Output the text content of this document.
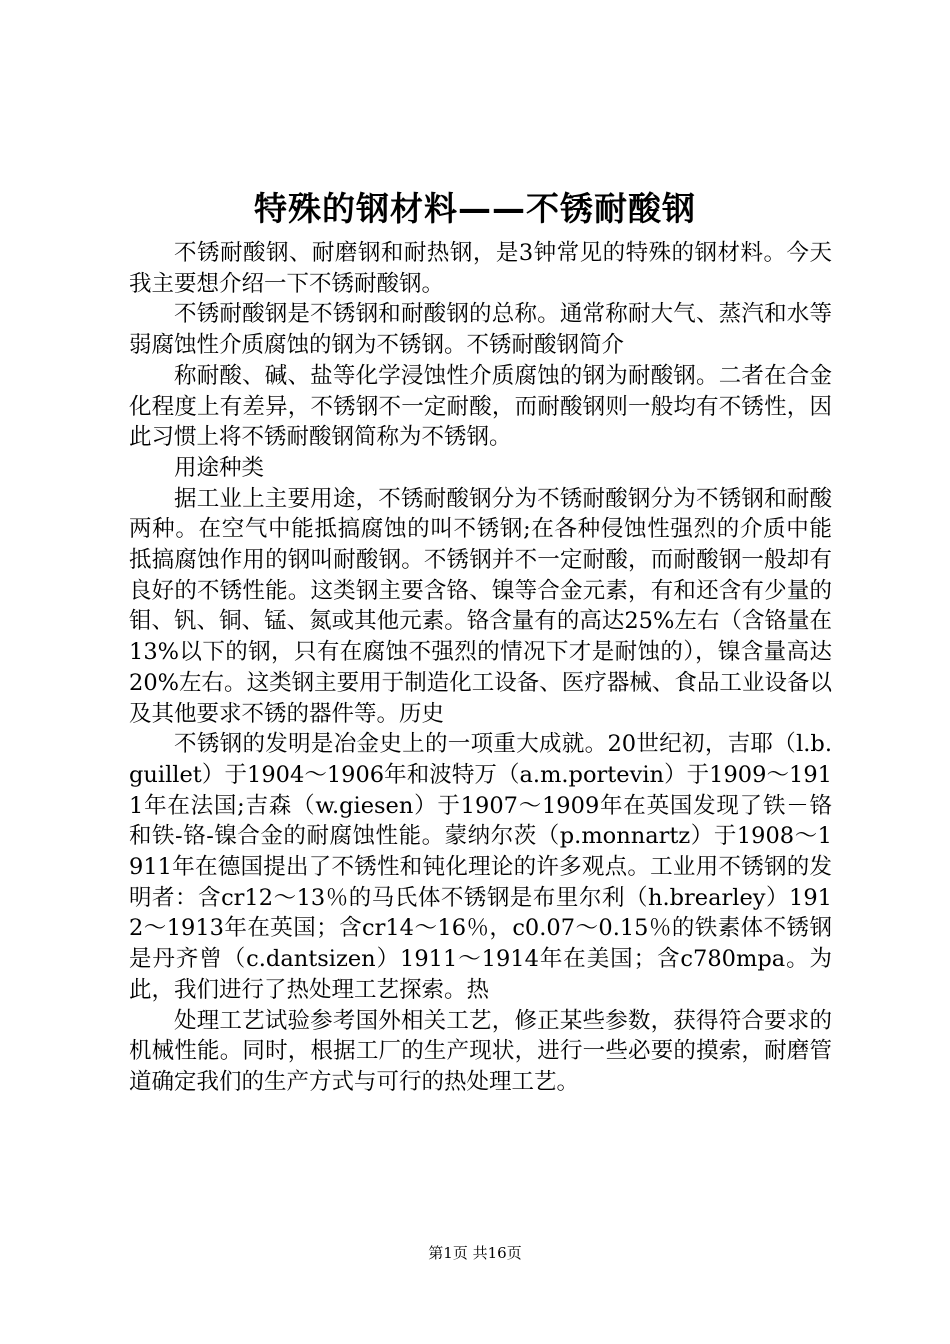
特殊的钢材料——不锈耐酸钢

不锈耐酸钢、耐磨钢和耐热钢，是3钟常见的特殊的钢材料。今天我主要想介绍一下不锈耐酸钢。

不锈耐酸钢是不锈钢和耐酸钢的总称。通常称耐大气、蒸汽和水等弱腐蚀性介质腐蚀的钢为不锈钢。不锈耐酸钢简介

称耐酸、碱、盐等化学浸蚀性介质腐蚀的钢为耐酸钢。二者在合金化程度上有差异，不锈钢不一定耐酸，而耐酸钢则一般均有不锈性，因此习惯上将不锈耐酸钢简称为不锈钢。

用途种类

据工业上主要用途，不锈耐酸钢分为不锈耐酸钢分为不锈钢和耐酸两种。在空气中能抵搞腐蚀的叫不锈钢;在各种侵蚀性强烈的介质中能抵搞腐蚀作用的钢叫耐酸钢。不锈钢并不一定耐酸，而耐酸钢一般却有良好的不锈性能。这类钢主要含铬、镍等合金元素，有和还含有少量的钼、钒、铜、锰、氮或其他元素。铬含量有的高达25%左右（含铬量在13%以下的钢，只有在腐蚀不强烈的情况下才是耐蚀的），镍含量高达20%左右。这类钢主要用于制造化工设备、医疗器械、食品工业设备以及其他要求不锈的器件等。历史

不锈钢的发明是冶金史上的一项重大成就。20世纪初，吉耶（l.b.guillet）于1904～1906年和波特万（a.m.portevin）于1909～1911年在法国;吉森（w.giesen）于1907～1909年在英国发现了铁－铬和铁-铬-镍合金的耐腐蚀性能。蒙纳尔茨（p.monnartz）于1908～1911年在德国提出了不锈性和钝化理论的许多观点。工业用不锈钢的发明者：含cr12～13％的马氏体不锈钢是布里尔利（h.brearley）1912～1913年在英国；含cr14～16％，c0.07～0.15％的铁素体不锈钢是丹齐曾（c.dantsizen）1911～1914年在美国；含c780mpa。为此，我们进行了热处理工艺探索。热

处理工艺试验参考国外相关工艺，修正某些参数，获得符合要求的机械性能。同时，根据工厂的生产现状，进行一些必要的摸索，耐磨管道确定我们的生产方式与可行的热处理工艺。

第1页 共16页
